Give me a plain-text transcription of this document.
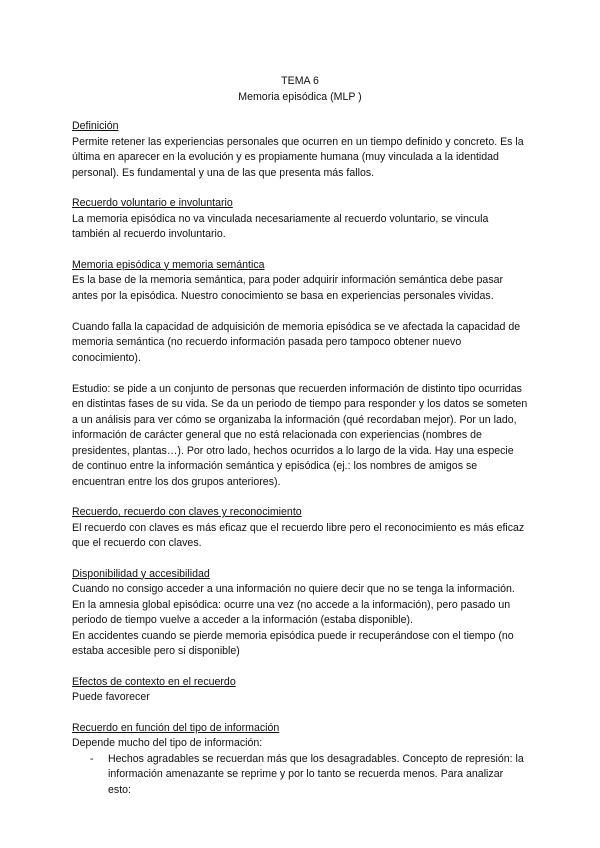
TEMA 6
Memoria episódica (MLP )
Definición

Permite retener las experiencias personales que ocurren en un tiempo definido y concreto. Es la última en aparecer en la evolución y es propiamente humana (muy vinculada a la identidad personal). Es fundamental y una de las que presenta más fallos.

Recuerdo voluntario e involuntario

La memoria episódica no va vinculada necesariamente al recuerdo voluntario, se vincula también al recuerdo involuntario.

Memoria episódica y memoria semántica

Es la base de la memoria semántica, para poder adquirir información semántica debe pasar antes por la episódica. Nuestro conocimiento se basa en experiencias personales vividas.

Cuando falla la capacidad de adquisición de memoria episódica se ve afectada la capacidad de memoria semántica (no recuerdo información pasada pero tampoco obtener nuevo conocimiento).

Estudio: se pide a un conjunto de personas que recuerden información de distinto tipo ocurridas en distintas fases de su vida. Se da un periodo de tiempo para responder y los datos se someten a un análisis para ver cómo se organizaba la información (qué recordaban mejor). Por un lado, información de carácter general que no está relacionada con experiencias (nombres de presidentes, plantas…). Por otro lado, hechos ocurridos a lo largo de la vida. Hay una especie de continuo entre la información semántica y episódica (ej.: los nombres de amigos se encuentran entre los dos grupos anteriores).

Recuerdo, recuerdo con claves y reconocimiento

El recuerdo con claves es más eficaz que el recuerdo libre pero el reconocimiento es más eficaz que el recuerdo con claves.

Disponibilidad y accesibilidad

Cuando no consigo acceder a una información no quiere decir que no se tenga la información.

En la amnesia global episódica: ocurre una vez (no accede a la información), pero pasado un periodo de tiempo vuelve a acceder a la información (estaba disponible).

En accidentes cuando se pierde memoria episódica puede ir recuperándose con el tiempo (no estaba accesible pero si disponible)

Efectos de contexto en el recuerdo

Puede favorecer

Recuerdo en función del tipo de información

Depende mucho del tipo de información:

- Hechos agradables se recuerdan más que los desagradables. Concepto de represión: la información amenazante se reprime y por lo tanto se recuerda menos. Para analizar esto:
